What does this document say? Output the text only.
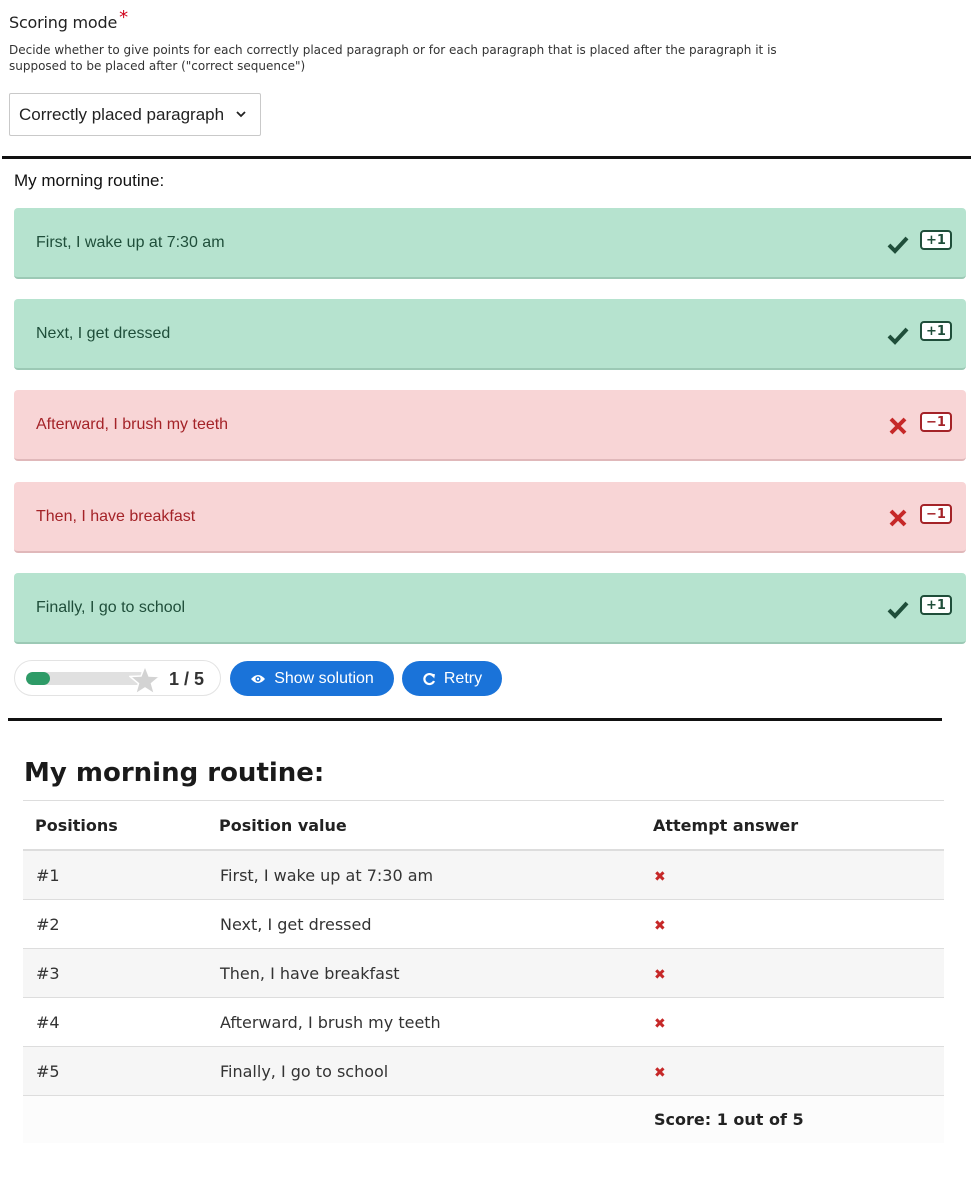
Scoring mode *
Decide whether to give points for each correctly placed paragraph or for each paragraph that is placed after the paragraph it is supposed to be placed after ("correct sequence")
Correctly placed paragraph
My morning routine:
First, I wake up at 7:30 am	+1
Next, I get dressed	+1
Afterward, I brush my teeth	−1
Then, I have breakfast	−1
Finally, I go to school	+1
1 / 5	Show solution	Retry
My morning routine:
Positions	Position value	Attempt answer
#1	First, I wake up at 7:30 am	✖
#2	Next, I get dressed	✖
#3	Then, I have breakfast	✖
#4	Afterward, I brush my teeth	✖
#5	Finally, I go to school	✖
		Score: 1 out of 5
